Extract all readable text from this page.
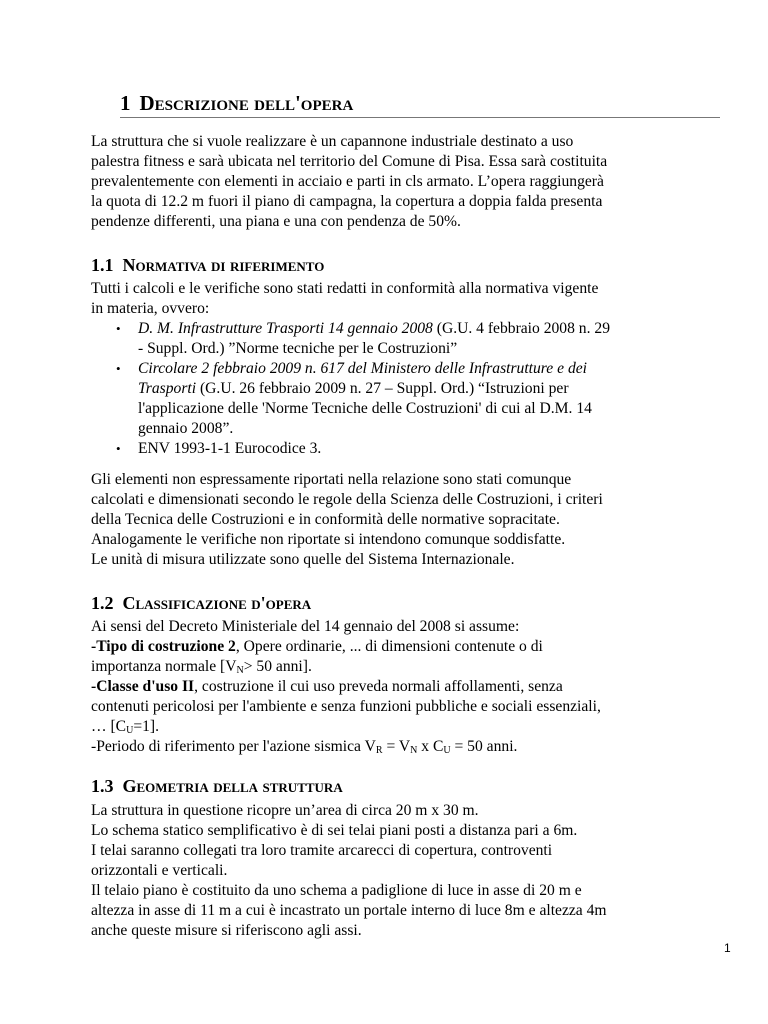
1 Descrizione dell'opera
La struttura che si vuole realizzare è un capannone industriale destinato a uso
palestra fitness e sarà ubicata nel territorio del Comune di Pisa. Essa sarà costituita
prevalentemente con elementi in acciaio e parti in cls armato. L’opera raggiungerà
la quota di 12.2 m fuori il piano di campagna, la copertura a doppia falda presenta
pendenze differenti, una piana e una con pendenza de 50%.
1.1 Normativa di riferimento
Tutti i calcoli e le verifiche sono stati redatti in conformità alla normativa vigente
in materia, ovvero:
• D. M. Infrastrutture Trasporti 14 gennaio 2008 (G.U. 4 febbraio 2008 n. 29
- Suppl. Ord.) ”Norme tecniche per le Costruzioni”
• Circolare 2 febbraio 2009 n. 617 del Ministero delle Infrastrutture e dei
Trasporti (G.U. 26 febbraio 2009 n. 27 – Suppl. Ord.) “Istruzioni per
l'applicazione delle 'Norme Tecniche delle Costruzioni' di cui al D.M. 14
gennaio 2008”.
• ENV 1993-1-1 Eurocodice 3.
Gli elementi non espressamente riportati nella relazione sono stati comunque
calcolati e dimensionati secondo le regole della Scienza delle Costruzioni, i criteri
della Tecnica delle Costruzioni e in conformità delle normative sopracitate.
Analogamente le verifiche non riportate si intendono comunque soddisfatte.
Le unità di misura utilizzate sono quelle del Sistema Internazionale.
1.2 Classificazione d'opera
Ai sensi del Decreto Ministeriale del 14 gennaio del 2008 si assume:
-Tipo di costruzione 2, Opere ordinarie, ... di dimensioni contenute o di
importanza normale [$V_N> 50$ anni].
-Classe d'uso II, costruzione il cui uso preveda normali affollamenti, senza
contenuti pericolosi per l'ambiente e senza funzioni pubbliche e sociali essenziali,
… $[C_U=1]$.
-Periodo di riferimento per l'azione sismica $V_R = V_N$ x $C_U = 50$ anni.
1.3 Geometria della struttura
La struttura in questione ricopre un’area di circa 20 m x 30 m.
Lo schema statico semplificativo è di sei telai piani posti a distanza pari a 6m.
I telai saranno collegati tra loro tramite arcarecci di copertura, controventi
orizzontali e verticali.
Il telaio piano è costituito da uno schema a padiglione di luce in asse di 20 m e
altezza in asse di 11 m a cui è incastrato un portale interno di luce 8m e altezza 4m
anche queste misure si riferiscono agli assi.
1
